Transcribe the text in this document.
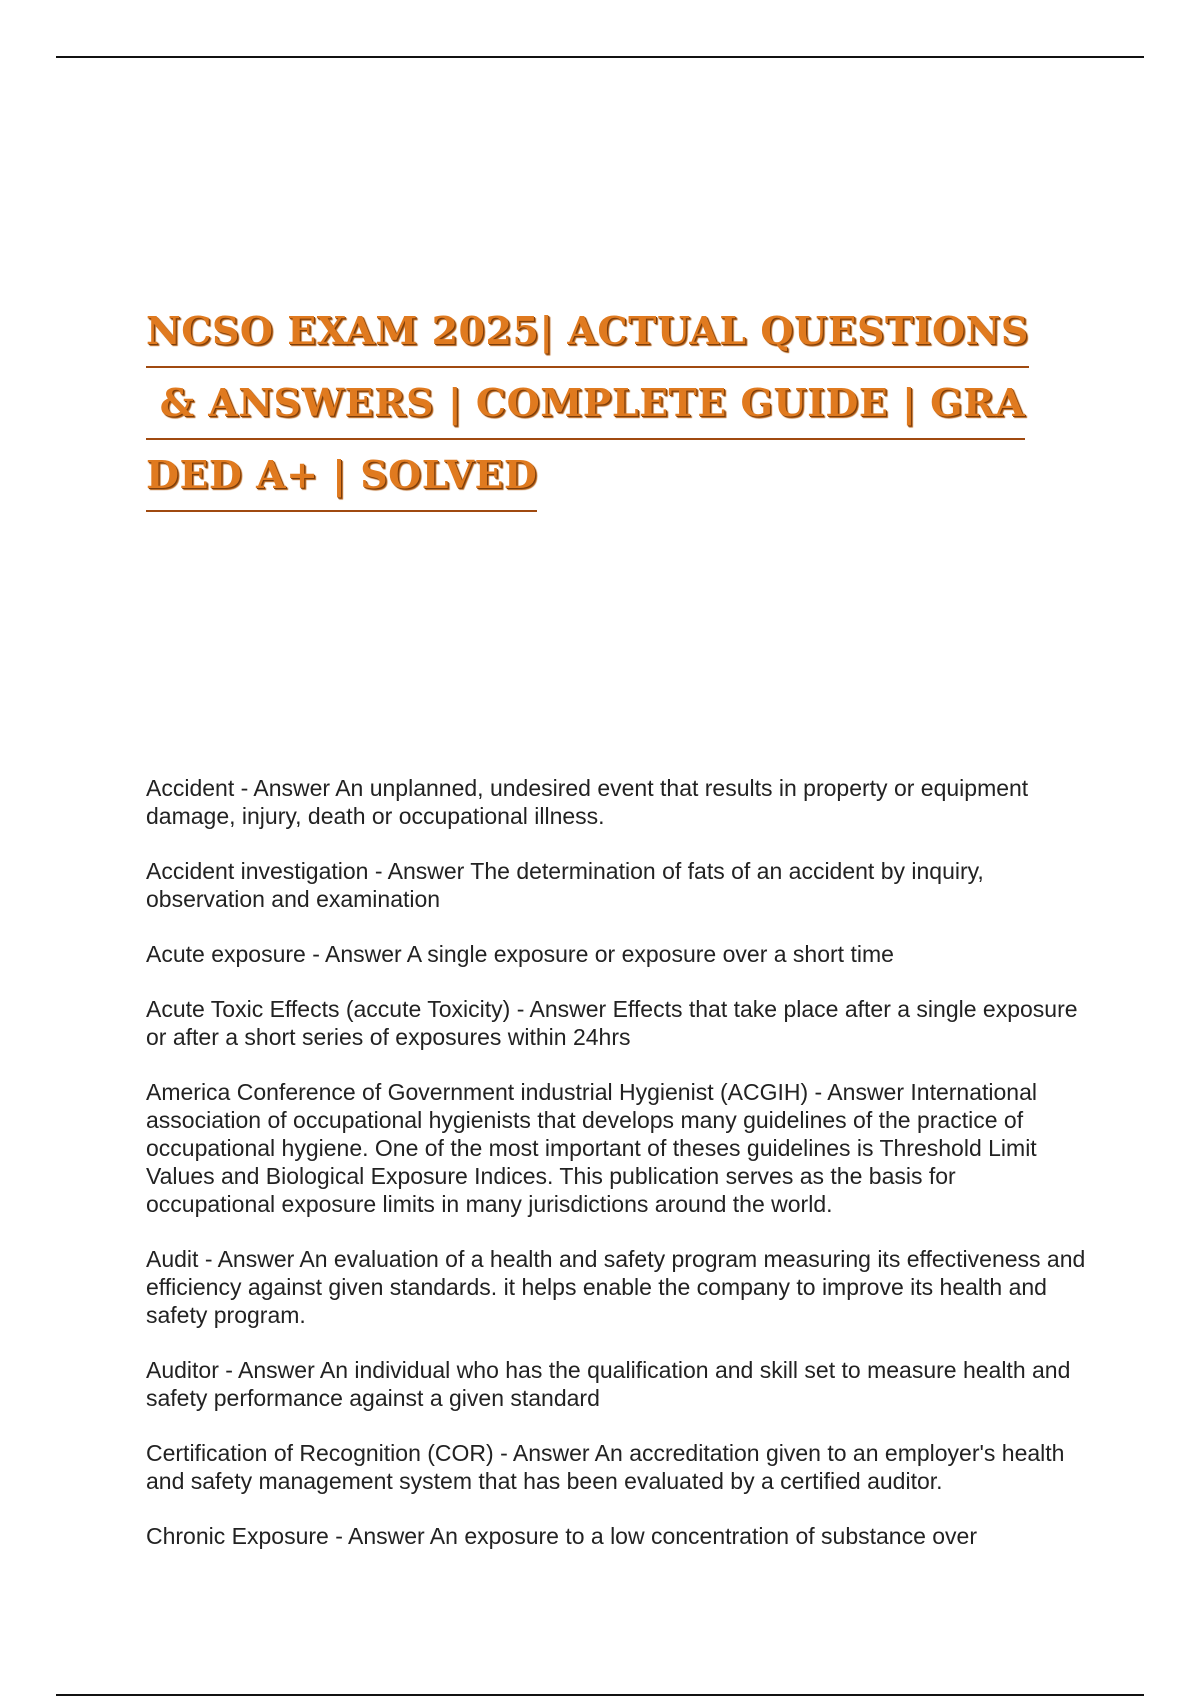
NCSO EXAM 2025| ACTUAL QUESTIONS
& ANSWERS | COMPLETE GUIDE | GRA
DED A+ | SOLVED

Accident - Answer An unplanned, undesired event that results in property or equipment damage, injury, death or occupational illness.

Accident investigation - Answer The determination of fats of an accident by inquiry, observation and examination

Acute exposure - Answer A single exposure or exposure over a short time

Acute Toxic Effects (accute Toxicity) - Answer Effects that take place after a single exposure or after a short series of exposures within 24hrs

America Conference of Government industrial Hygienist (ACGIH) - Answer International association of occupational hygienists that develops many guidelines of the practice of occupational hygiene. One of the most important of theses guidelines is Threshold Limit Values and Biological Exposure Indices. This publication serves as the basis for occupational exposure limits in many jurisdictions around the world.

Audit - Answer An evaluation of a health and safety program measuring its effectiveness and efficiency against given standards. it helps enable the company to improve its health and safety program.

Auditor - Answer An individual who has the qualification and skill set to measure health and safety performance against a given standard

Certification of Recognition (COR) - Answer An accreditation given to an employer's health and safety management system that has been evaluated by a certified auditor.

Chronic Exposure - Answer An exposure to a low concentration of substance over
